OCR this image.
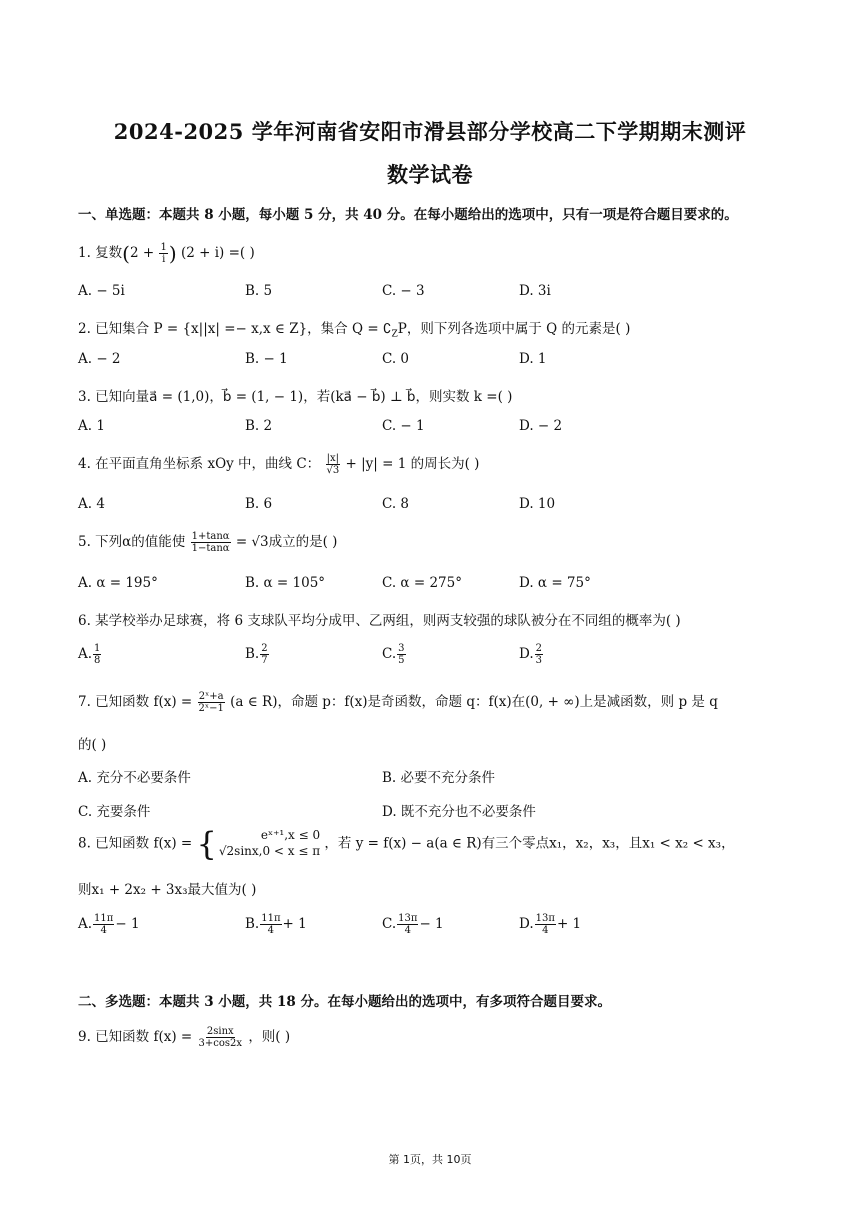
2024-2025 学年河南省安阳市滑县部分学校高二下学期期末测评
数学试卷
一、单选题：本题共 8 小题，每小题 5 分，共 40 分。在每小题给出的选项中，只有一项是符合题目要求的。
1. 复数($2 + \frac{1}{i}$ ) (2 + i) =( )
A. − 5i	B. 5	C. − 3	D. 3i
2. 已知集合 P = {x||x| =− x,x ∈ Z}，集合 $Q = ∁_ZP$，则下列各选项中属于 Q 的元素是( )
A. − 2	B. − 1	C. 0	D. 1
3. 已知向量a⃗ = (1,0)，b⃗ = (1, − 1)，若(ka⃗ − b⃗) ⊥ b⃗，则实数 k =( )
A. 1	B. 2	C. − 1	D. − 2
4. 在平面直角坐标系 xOy 中，曲线 C： $\frac{|x|}{√3} + |y| = 1$ 的周长为( )
A. 4	B. 6	C. 8	D. 10
5. 下列α的值能使 $\frac{1+\tan\alpha}{1-\tan\alpha} = √3$成立的是( )
A. α = 195°	B. α = 105°	C. α = 275°	D. α = 75°
6. 某学校举办足球赛，将 6 支球队平均分成甲、乙两组，则两支较强的球队被分在不同组的概率为( )
A. $\frac{1}{8}$	B. $\frac{2}{7}$	C. $\frac{3}{5}$	D. $\frac{2}{3}$
7. 已知函数 $f(x) = \frac{\text{2ˣ+a}}{\text{2ˣ−1}} (a$ ∈ R)，命题 p：f(x)是奇函数，命题 q：f(x)在(0, + ∞)上是减函数，则 p 是 q
的( )
A. 充分不必要条件	B. 必要不充分条件
C. 充要条件	D. 既不充分也不必要条件
8. 已知函数 f(x) = {	eˣ⁺¹,x ≤ 0
√2sinx,0 < x ≤ π ，若 y = f(x) − a(a ∈ R)有三个零点x₁，x₂，x₃，且x₁ < x₂ < x₃，
则x₁ + 2x₂ + 3x₃最大值为( )
A. $\frac{11\pi}{4} - 1$	B. $\frac{11\pi}{4} + 1$	C. $\frac{13\pi}{4} - 1$	D. $\frac{13\pi}{4} + 1$
二、多选题：本题共 3 小题，共 18 分。在每小题给出的选项中，有多项符合题目要求。
9. 已知函数 $f(x) = \frac{2\sin x}{3+\cos 2x}$ ，则( )
第 1页，共 10页
